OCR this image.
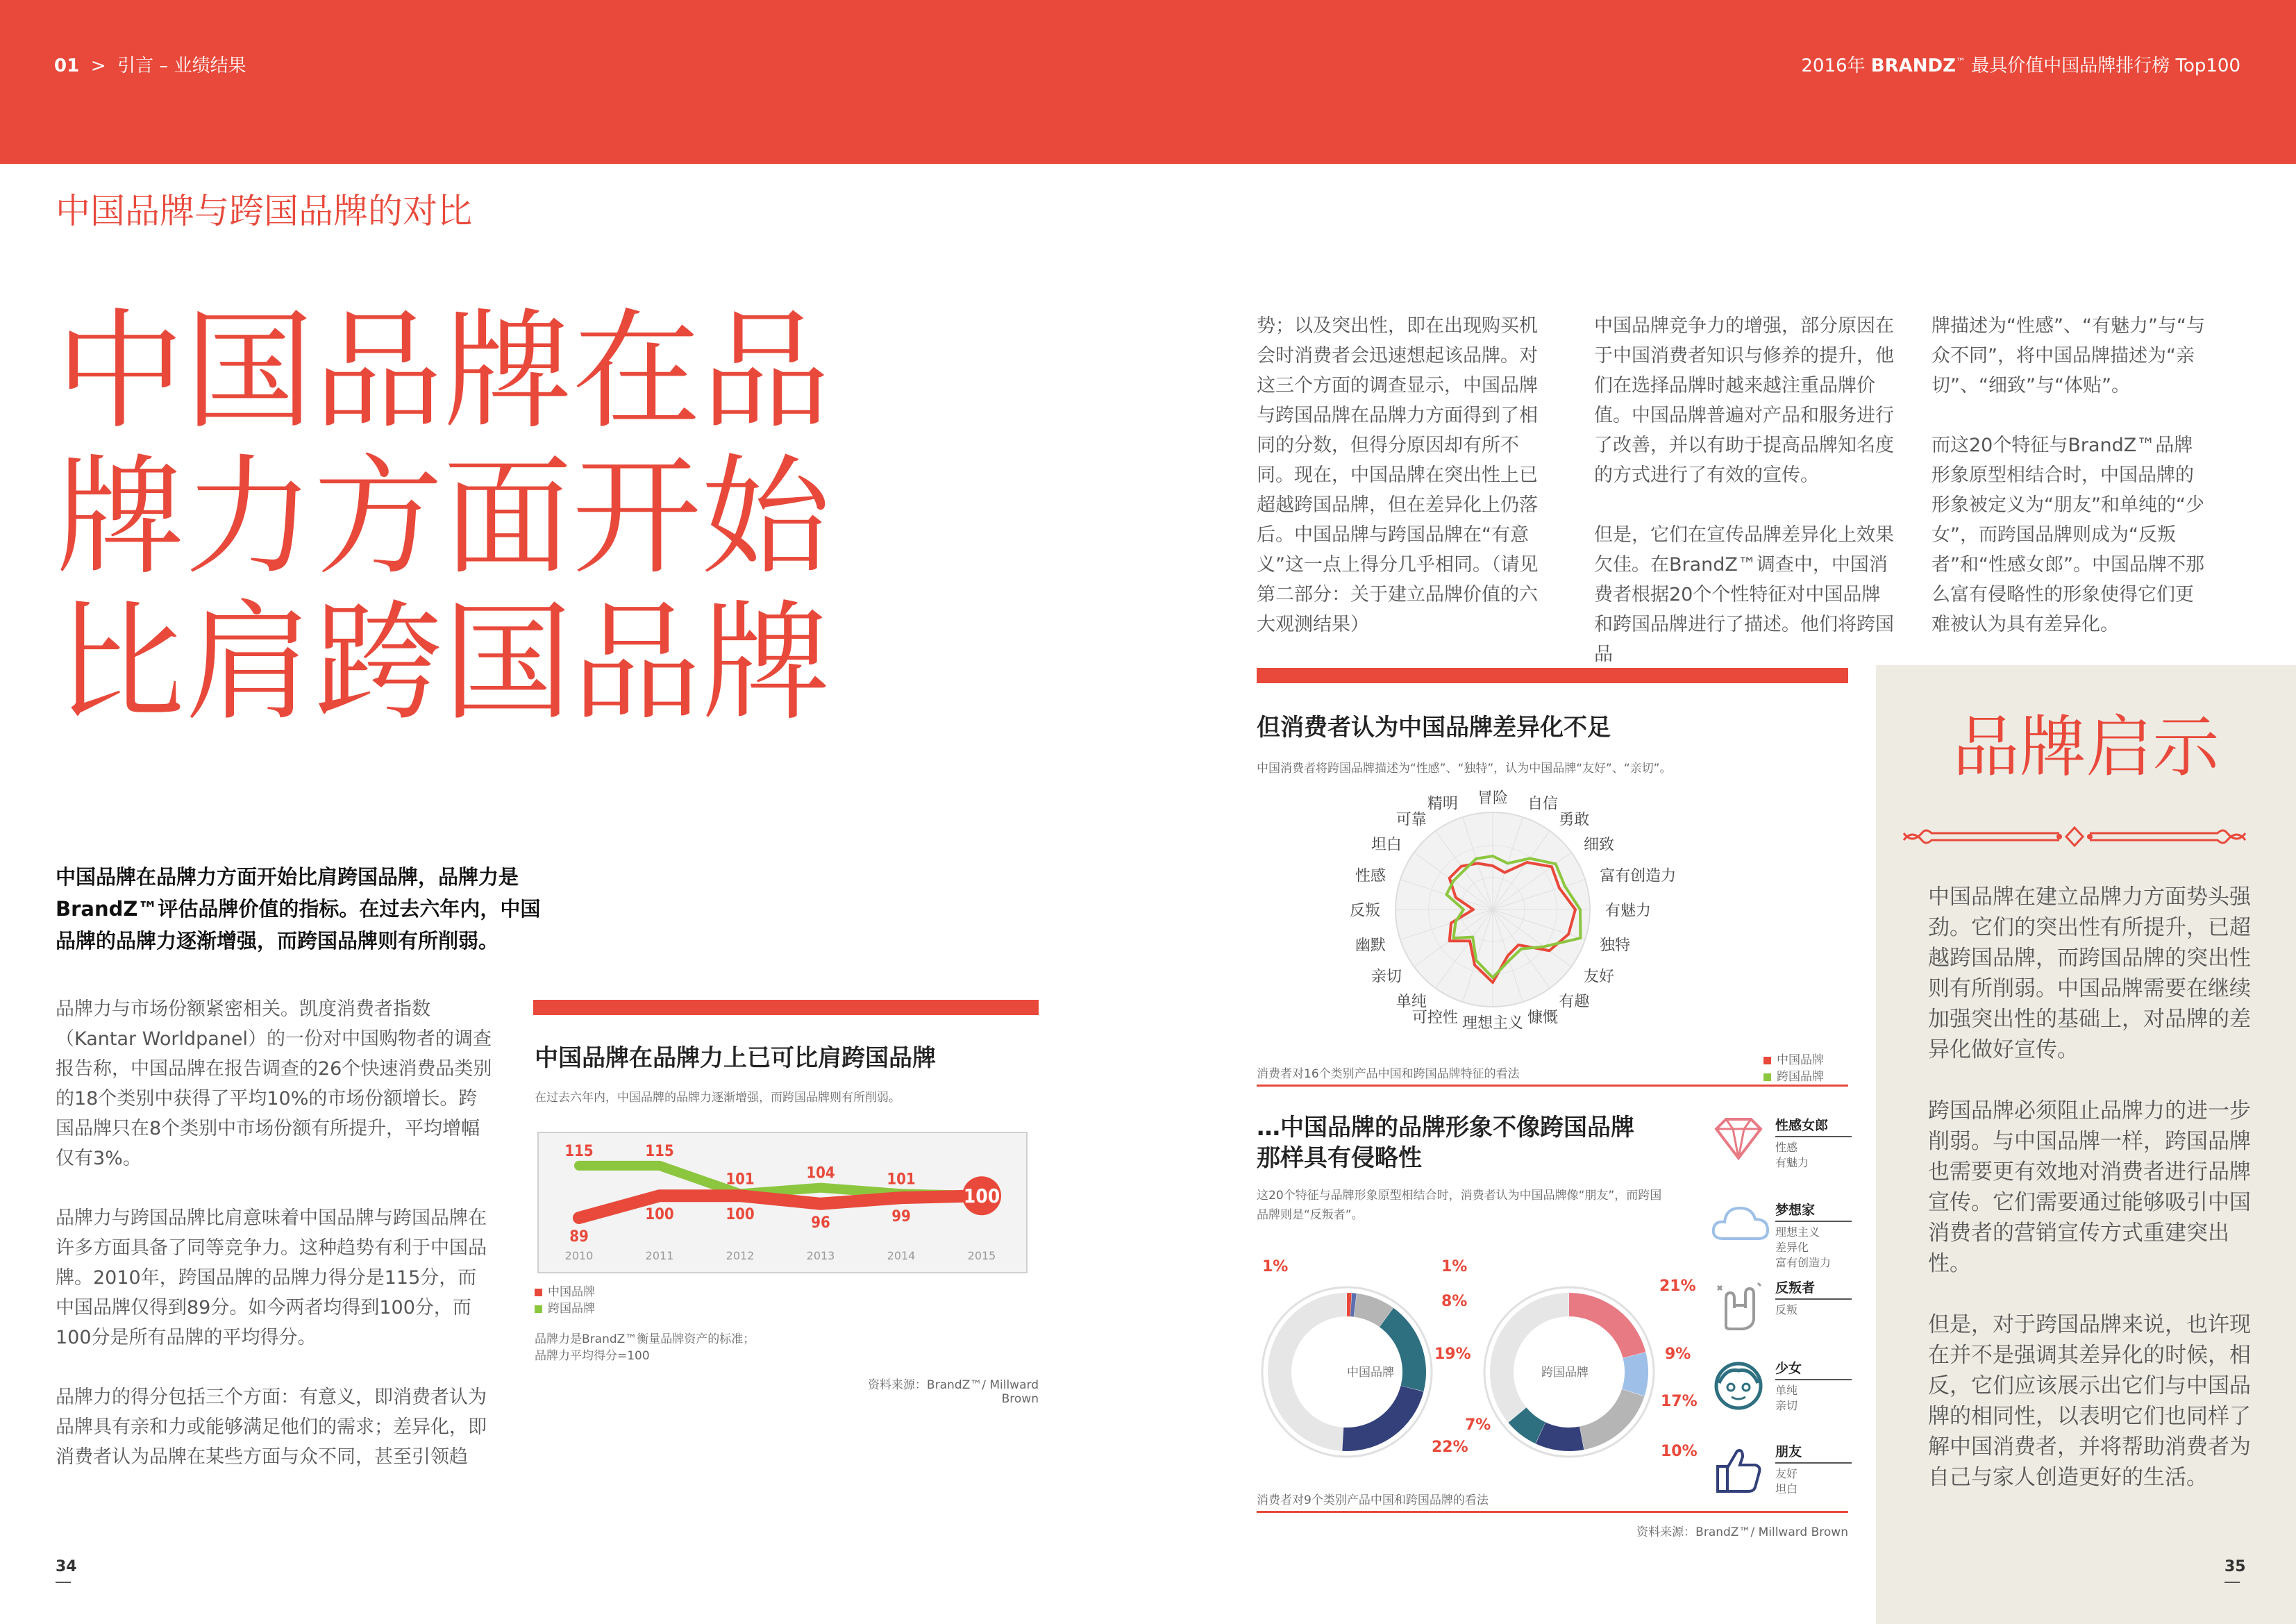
01 > 引言 – 业绩结果	2016年 BRANDZ™ 最具价值中国品牌排行榜 Top100
中国品牌与跨国品牌的对比
中国品牌在品
牌力方面开始
比肩跨国品牌
中国品牌在品牌力方面开始比肩跨国品牌，品牌力是BrandZ™评估品牌价值的指标。在过去六年内，中国品牌的品牌力逐渐增强，而跨国品牌则有所削弱。

品牌力与市场份额紧密相关。凯度消费者指数（Kantar Worldpanel）的一份对中国购物者的调查报告称，中国品牌在报告调查的26个快速消费品类别的18个类别中获得了平均10%的市场份额增长。跨国品牌只在8个类别中市场份额有所提升，平均增幅仅有3%。

品牌力与跨国品牌比肩意味着中国品牌与跨国品牌在许多方面具备了同等竞争力。这种趋势有利于中国品牌。2010年，跨国品牌的品牌力得分是115分，而中国品牌仅得到89分。如今两者均得到100分，而100分是所有品牌的平均得分。

品牌力的得分包括三个方面：有意义，即消费者认为品牌具有亲和力或能够满足他们的需求；差异化，即消费者认为品牌在某些方面与众不同，甚至引领趋

中国品牌在品牌力上已可比肩跨国品牌
在过去六年内，中国品牌的品牌力逐渐增强，而跨国品牌则有所削弱。
115	115
101	104	101
89
100	100	96	99
2010	2011	2012	2013	2014	2015
100
中国品牌
跨国品牌
品牌力是BrandZ™衡量品牌资产的标准；
品牌力平均得分=100
资料来源：BrandZ™/ Millward Brown
34

势；以及突出性，即在出现购买机会时消费者会迅速想起该品牌。对这三个方面的调查显示，中国品牌与跨国品牌在品牌力方面得到了相同的分数，但得分原因却有所不同。现在，中国品牌在突出性上已超越跨国品牌，但在差异化上仍落后。中国品牌与跨国品牌在“有意义”这一点上得分几乎相同。（请见第二部分：关于建立品牌价值的六大观测结果）

中国品牌竞争力的增强，部分原因在于中国消费者知识与修养的提升，他们在选择品牌时越来越注重品牌价值。中国品牌普遍对产品和服务进行了改善，并以有助于提高品牌知名度的方式进行了有效的宣传。

但是，它们在宣传品牌差异化上效果欠佳。在BrandZ™调查中，中国消费者根据20个个性特征对中国品牌和跨国品牌进行了描述。他们将跨国品

牌描述为“性感”、“有魅力”与“与众不同”，将中国品牌描述为“亲切”、“细致”与“体贴”。

而这20个特征与BrandZ™品牌形象原型相结合时，中国品牌的形象被定义为“朋友”和单纯的“少女”，而跨国品牌则成为“反叛者”和“性感女郎”。中国品牌不那么富有侵略性的形象使得它们更难被认为具有差异化。

但消费者认为中国品牌差异化不足
中国消费者将跨国品牌描述为“性感”、“独特”，认为中国品牌“友好”、“亲切”。
冒险 自信
勇敢
细致
富有创造力
有魅力
独特
友好
有趣
慷慨
理想主义
可控性
单纯
亲切
幽默
反叛
性感
坦白
可靠
精明
消费者对16个类别产品中国和跨国品牌特征的看法
中国品牌
跨国品牌
…中国品牌的品牌形象不像跨国品牌
那样具有侵略性
这20个特征与品牌形象原型相结合时，消费者认为中国品牌像“朋友”，而跨国品牌则是“反叛者”。
中国品牌	跨国品牌
1%	1%
8%
19%
22%
21%
9%
17%
7%
10%
消费者对9个类别产品中国和跨国品牌的看法
资料来源：BrandZ™/ Millward Brown
性感女郎
性感
有魅力
梦想家
理想主义
差异化
富有创造力
反叛者
反叛
少女
单纯
亲切
朋友
友好
坦白
品牌启示

中国品牌在建立品牌力方面势头强劲。它们的突出性有所提升，已超越跨国品牌，而跨国品牌的突出性则有所削弱。中国品牌需要在继续加强突出性的基础上，对品牌的差异化做好宣传。

跨国品牌必须阻止品牌力的进一步削弱。与中国品牌一样，跨国品牌也需要更有效地对消费者进行品牌宣传。它们需要通过能够吸引中国消费者的营销宣传方式重建突出性。

但是，对于跨国品牌来说，也许现在并不是强调其差异化的时候，相反，它们应该展示出它们与中国品牌的相同性，以表明它们也同样了解中国消费者，并将帮助消费者为自己与家人创造更好的生活。

35
